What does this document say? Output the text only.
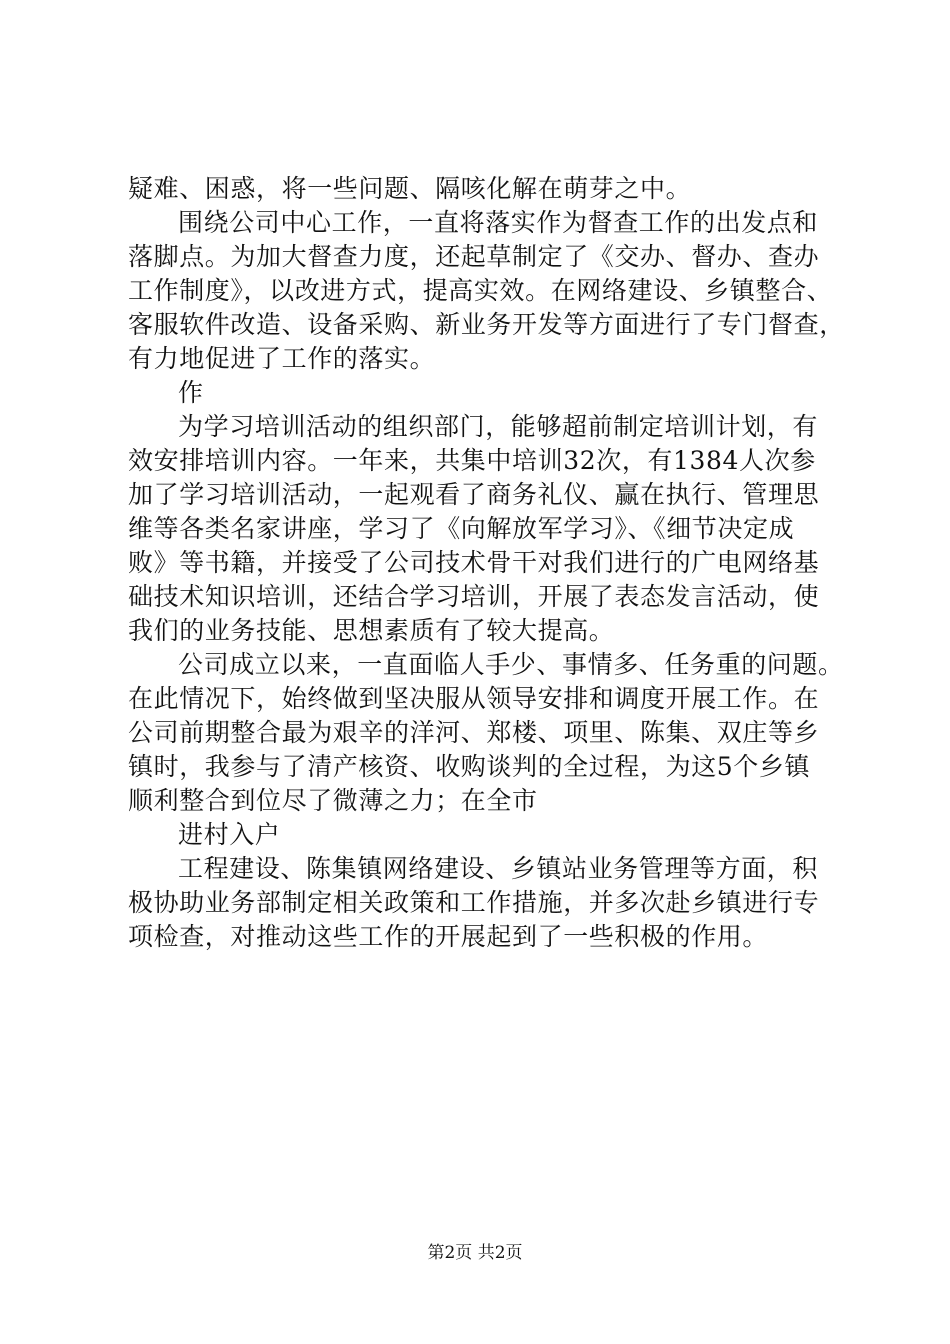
疑难、困惑，将一些问题、隔咳化解在萌芽之中。
围绕公司中心工作，一直将落实作为督查工作的出发点和
落脚点。为加大督查力度，还起草制定了《交办、督办、查办
工作制度》，以改进方式，提高实效。在网络建设、乡镇整合、
客服软件改造、设备采购、新业务开发等方面进行了专门督查，
有力地促进了工作的落实。
作
为学习培训活动的组织部门，能够超前制定培训计划，有
效安排培训内容。一年来，共集中培训32次，有1384人次参
加了学习培训活动，一起观看了商务礼仪、赢在执行、管理思
维等各类名家讲座，学习了《向解放军学习》、《细节决定成
败》等书籍，并接受了公司技术骨干对我们进行的广电网络基
础技术知识培训，还结合学习培训，开展了表态发言活动，使
我们的业务技能、思想素质有了较大提高。
公司成立以来，一直面临人手少、事情多、任务重的问题。
在此情况下，始终做到坚决服从领导安排和调度开展工作。在
公司前期整合最为艰辛的洋河、郑楼、项里、陈集、双庄等乡
镇时，我参与了清产核资、收购谈判的全过程，为这5个乡镇
顺利整合到位尽了微薄之力；在全市
进村入户
工程建设、陈集镇网络建设、乡镇站业务管理等方面，积
极协助业务部制定相关政策和工作措施，并多次赴乡镇进行专
项检查，对推动这些工作的开展起到了一些积极的作用。
第2页 共2页
